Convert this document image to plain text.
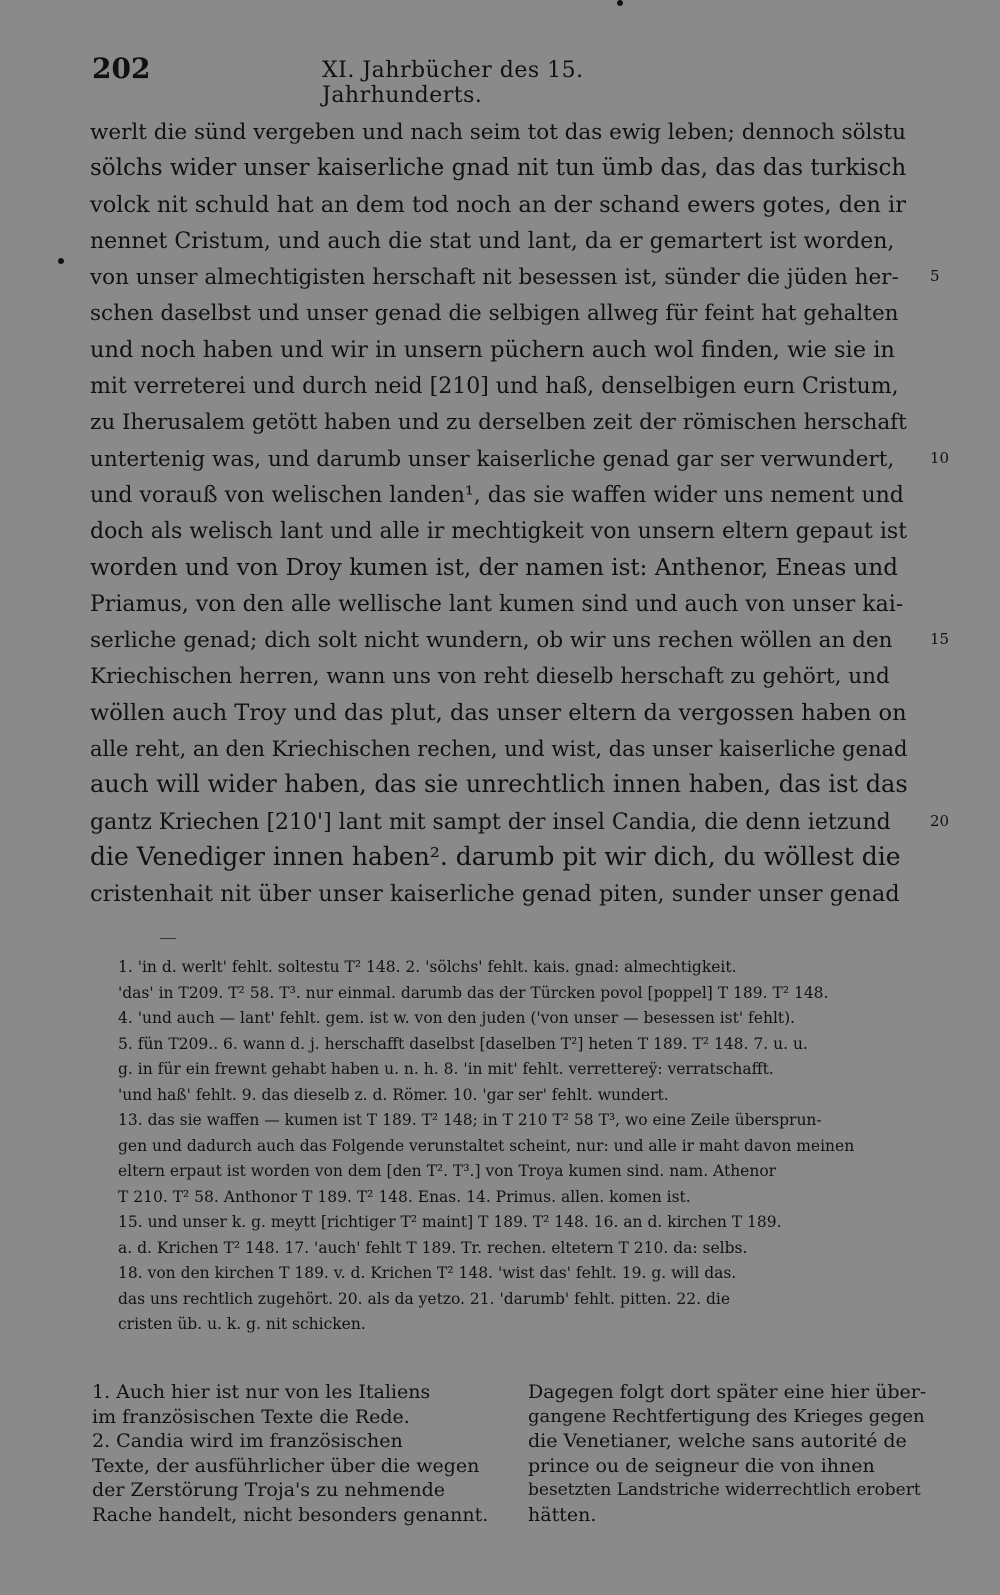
202	XI. Jahrbücher des 15. Jahrhunderts.
werlt die sünd vergeben und nach seim tot das ewig leben; dennoch sölstu
sölchs wider unser kaiserliche gnad nit tun ümb das, das das turkisch
volck nit schuld hat an dem tod noch an der schand ewers gotes, den ir
nennet Cristum, und auch die stat und lant, da er gemartert ist worden,
von unser almechtigisten herschaft nit besessen ist, sünder die jüden her- 5
schen daselbst und unser genad die selbigen allweg für feint hat gehalten
und noch haben und wir in unsern püchern auch wol finden, wie sie in
mit verreterei und durch neid [210] und haß, denselbigen eurn Cristum,
zu Iherusalem getött haben und zu derselben zeit der römischen herschaft
untertenig was, und darumb unser kaiserliche genad gar ser verwundert, 10
und vorauß von welischen landen¹, das sie waffen wider uns nement und
doch als welisch lant und alle ir mechtigkeit von unsern eltern gepaut ist
worden und von Droy kumen ist, der namen ist: Anthenor, Eneas und
Priamus, von den alle wellische lant kumen sind und auch von unser kai-
serliche genad; dich solt nicht wundern, ob wir uns rechen wöllen an den 15
Kriechischen herren, wann uns von reht dieselb herschaft zu gehört, und
wöllen auch Troy und das plut, das unser eltern da vergossen haben on
alle reht, an den Kriechischen rechen, und wist, das unser kaiserliche genad
auch will wider haben, das sie unrechtlich innen haben, das ist das
gantz Kriechen [210'] lant mit sampt der insel Candia, die denn ietzund	20
die Venediger innen haben². darumb pit wir dich, du wöllest die
cristenhait nit über unser kaiserliche genad piten, sunder unser genad
1. 'in d. werlt' fehlt. soltestu T² 148. 2. 'sölchs' fehlt. kais. gnad: almechtigkeit.
'das' in T209. T² 58. T³. nur einmal. darumb das der Türcken povol [poppel] T 189. T² 148.
4. 'und auch — lant' fehlt. gem. ist w. von den juden ('von unser — besessen ist' fehlt).
5. fün T209.. 6. wann d. j. herschafft daselbst [daselben T²] heten T 189. T² 148. 7. u. u.
g. in für ein frewnt gehabt haben u. n. h. 8. 'in mit' fehlt. verrettereÿ: verratschafft.
'und haß' fehlt. 9. das dieselb z. d. Römer. 10. 'gar ser' fehlt. wundert.
13. das sie waffen — kumen ist T 189. T² 148; in T 210 T² 58 T³, wo eine Zeile übersprun-
gen und dadurch auch das Folgende verunstaltet scheint, nur: und alle ir maht davon meinen
eltern erpaut ist worden von dem [den T². T³.] von Troya kumen sind. nam. Athenor
T 210. T² 58. Anthonor T 189. T² 148. Enas. 14. Primus. allen. komen ist.
15. und unser k. g. meytt [richtiger T² maint] T 189. T² 148. 16. an d. kirchen T 189.
a. d. Krichen T² 148. 17. 'auch' fehlt T 189. Tr. rechen. eltetern T 210. da: selbs.
18. von den kirchen T 189. v. d. Krichen T² 148. 'wist das' fehlt. 19. g. will das.
das uns rechtlich zugehört. 20. als da yetzo. 21. 'darumb' fehlt. pitten. 22. die
cristen üb. u. k. g. nit schicken.
1. Auch hier ist nur von les Italiens
im französischen Texte die Rede.
2. Candia wird im französischen
Texte, der ausführlicher über die wegen
der Zerstörung Troja's zu nehmende
Rache handelt, nicht besonders genannt.
Dagegen folgt dort später eine hier über-
gangene Rechtfertigung des Krieges gegen
die Venetianer, welche sans autorité de
prince ou de seigneur die von ihnen
besetzten Landstriche widerrechtlich erobert
hätten.
